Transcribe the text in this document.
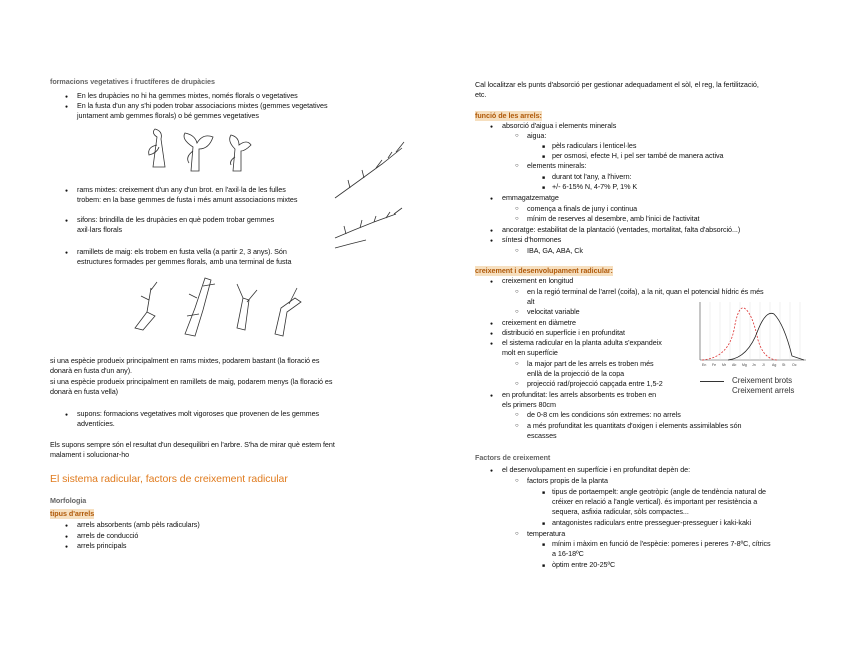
formacions vegetatives i fructíferes de drupàcies
● En les drupàcies no hi ha gemmes mixtes, només florals o vegetatives
● En la fusta d'un any s'hi poden trobar associacions mixtes (gemmes vegetatives
juntament amb gemmes florals) o bé gemmes vegetatives
● rams mixtes: creixement d'un any d'un brot. en l'axil·la de les fulles
trobem: en la base gemmes de fusta i més amunt associacions mixtes
● sifons: brindilla de les drupàcies en què podem trobar gemmes
axil·lars florals
● ramillets de maig: els trobem en fusta vella (a partir 2, 3 anys). Són
estructures formades per gemmes florals, amb una terminal de fusta
si una espècie produeix principalment en rams mixtes, podarem bastant (la floració es
donarà en fusta d'un any).
si una espècie produeix principalment en ramillets de maig, podarem menys (la floració es
donarà en fusta vella)
● supons: formacions vegetatives molt vigoroses que provenen de les gemmes
adventícies.
Els supons sempre són el resultat d'un desequilibri en l'arbre. S'ha de mirar què estem fent
malament i solucionar-ho
El sistema radicular, factors de creixement radicular
Morfologia
tipus d'arrels
● arrels absorbents (amb pèls radiculars)
● arrels de conducció
● arrels principals
Cal localitzar els punts d'absorció per gestionar adequadament el sòl, el reg, la fertilització,
etc.
funció de les arrels:
● absorció d'aigua i elements minerals
○ aigua:
■ pèls radiculars i lenticel·les
■ per osmosi, efecte H, i pel ser també de manera activa
○ elements minerals:
■ durant tot l'any, a l'hivern:
■ +/- 6-15% N, 4-7% P, 1% K
● emmagatzematge
○ comença a finals de juny i continua
○ mínim de reserves al desembre, amb l'inici de l'activitat
● ancoratge: estabilitat de la plantació (ventades, mortalitat, falta d'absorció...)
● síntesi d'hormones
○ IBA, GA, ABA, Ck
creixement i desenvolupament radicular:
● creixement en longitud
○ en la regió terminal de l'arrel (coifa), a la nit, quan el potencial hídric és més
alt
○ velocitat variable
● creixement en diàmetre
● distribució en superfície i en profunditat
● el sistema radicular en la planta adulta s'expandeix
molt en superfície
○ la major part de les arrels es troben més
enllà de la projecció de la copa
○ projecció rad/projecció capçada entre 1,5-2
● en profunditat: les arrels absorbents es troben en
els primers 80cm
○ de 0-8 cm les condicions són extremes: no arrels
○ a més profunditat les quantitats d'oxigen i elements assimilables són
escasses
Factors de creixement
● el desenvolupament en superfície i en profunditat depèn de:
○ factors propis de la planta
■ tipus de portaempelt: angle geotròpic (angle de tendència natural de
créixer en relació a l'angle vertical). és important per resistència a
sequera, asfixia radicular, sòls compactes...
■ antagonistes radiculars entre presseguer-presseguer i kaki-kaki
○ temperatura
■ mínim i màxim en funció de l'espècie: pomeres i pereres 7-8ºC, cítrics
a 16-18ºC
■ òptim entre 20-25ºC
En Fe Mr Ab Mg Jn Jl Ag St Oc
Creixement brots
Creixement arrels
